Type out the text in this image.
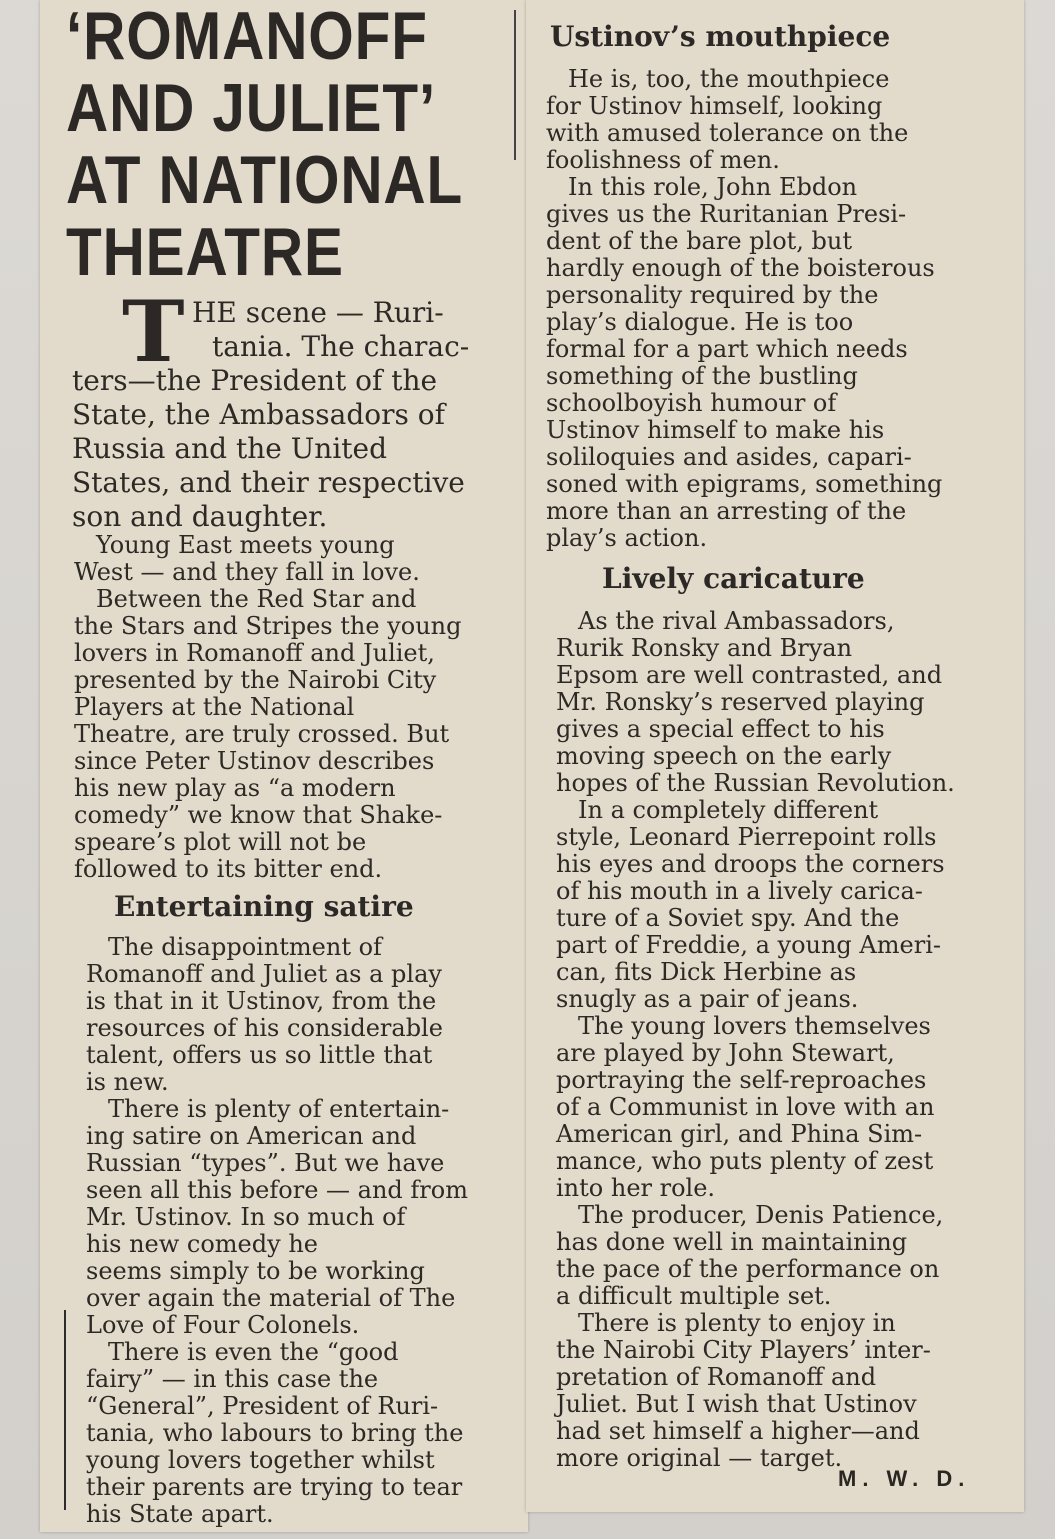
‘ROMANOFF
AND JULIET’
AT NATIONAL
THEATRE
T HE scene — Ruri-
tania. The charac-
ters—the President of the
State, the Ambassadors of
Russia and the United
States, and their respective
son and daughter.
Young East meets young
West — and they fall in love.
Between the Red Star and
the Stars and Stripes the young
lovers in Romanoff and Juliet,
presented by the Nairobi City
Players at the National
Theatre, are truly crossed. But
since Peter Ustinov describes
his new play as “a modern
comedy” we know that Shake-
speare’s plot will not be
followed to its bitter end.
Entertaining satire
The disappointment of
Romanoff and Juliet as a play
is that in it Ustinov, from the
resources of his considerable
talent, offers us so little that
is new.
There is plenty of entertain-
ing satire on American and
Russian “types”. But we have
seen all this before — and from
Mr. Ustinov. In so much of
his new comedy he
seems simply to be working
over again the material of The
Love of Four Colonels.
There is even the “good
fairy” — in this case the
“General”, President of Ruri-
tania, who labours to bring the
young lovers together whilst
their parents are trying to tear
his State apart.
Ustinov’s mouthpiece
He is, too, the mouthpiece
for Ustinov himself, looking
with amused tolerance on the
foolishness of men.
In this role, John Ebdon
gives us the Ruritanian Presi-
dent of the bare plot, but
hardly enough of the boisterous
personality required by the
play’s dialogue. He is too
formal for a part which needs
something of the bustling
schoolboyish humour of
Ustinov himself to make his
soliloquies and asides, capari-
soned with epigrams, something
more than an arresting of the
play’s action.
Lively caricature
As the rival Ambassadors,
Rurik Ronsky and Bryan
Epsom are well contrasted, and
Mr. Ronsky’s reserved playing
gives a special effect to his
moving speech on the early
hopes of the Russian Revolution.
In a completely different
style, Leonard Pierrepoint rolls
his eyes and droops the corners
of his mouth in a lively carica-
ture of a Soviet spy. And the
part of Freddie, a young Ameri-
can, fits Dick Herbine as
snugly as a pair of jeans.
The young lovers themselves
are played by John Stewart,
portraying the self-reproaches
of a Communist in love with an
American girl, and Phina Sim-
mance, who puts plenty of zest
into her role.
The producer, Denis Patience,
has done well in maintaining
the pace of the performance on
a difficult multiple set.
There is plenty to enjoy in
the Nairobi City Players’ inter-
pretation of Romanoff and
Juliet. But I wish that Ustinov
had set himself a higher—and
more original — target.

M. W. D.
